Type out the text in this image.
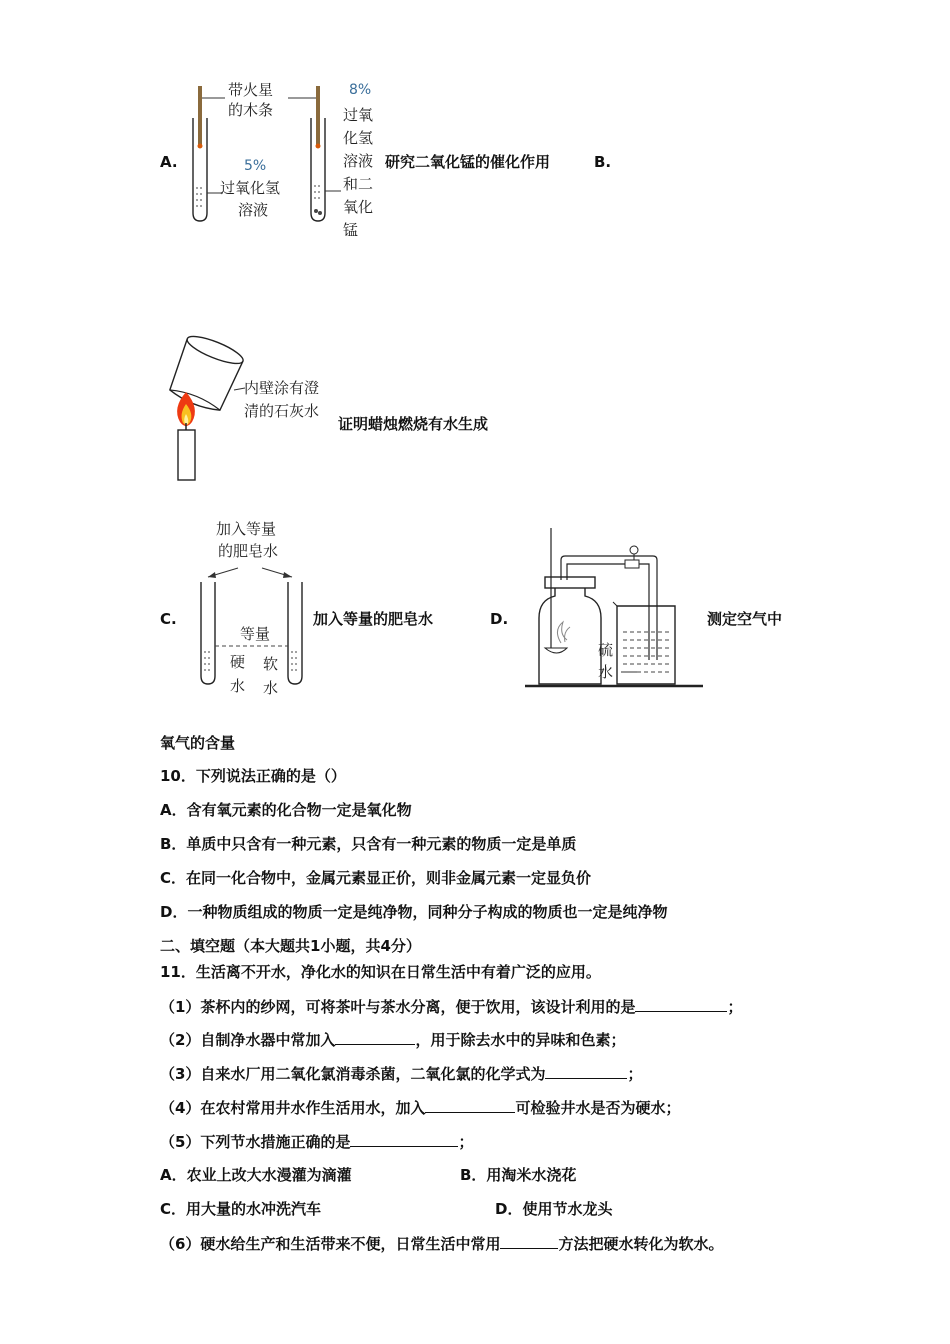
A.
带火星
的木条
5%
过氧化氢
溶液
8%
过氧
化氢
溶液
和二
氧化
锰
研究二氧化锰的催化作用	B.
内壁涂有澄
清的石灰水
证明蜡烛燃烧有水生成
加入等量
的肥皂水
C.
等量
硬
水
软
水
加入等量的肥皂水	D.
硫
水
测定空气中
氧气的含量
10．下列说法正确的是（）
A．含有氧元素的化合物一定是氧化物
B．单质中只含有一种元素，只含有一种元素的物质一定是单质
C．在同一化合物中，金属元素显正价，则非金属元素一定显负价
D．一种物质组成的物质一定是纯净物，同种分子构成的物质也一定是纯净物
二、填空题（本大题共1小题，共4分）
11．生活离不开水，净化水的知识在日常生活中有着广泛的应用。
（1）茶杯内的纱网，可将茶叶与茶水分离，便于饮用，该设计利用的是	；
（2）自制净水器中常加入	，用于除去水中的异味和色素；
（3）自来水厂用二氧化氯消毒杀菌，二氧化氯的化学式为	；
（4）在农村常用井水作生活用水，加入	可检验井水是否为硬水；
（5）下列节水措施正确的是	；
A．农业上改大水漫灌为滴灌	B．用淘米水浇花
C．用大量的水冲洗汽车	D．使用节水龙头
（6）硬水给生产和生活带来不便，日常生活中常用	方法把硬水转化为软水。
